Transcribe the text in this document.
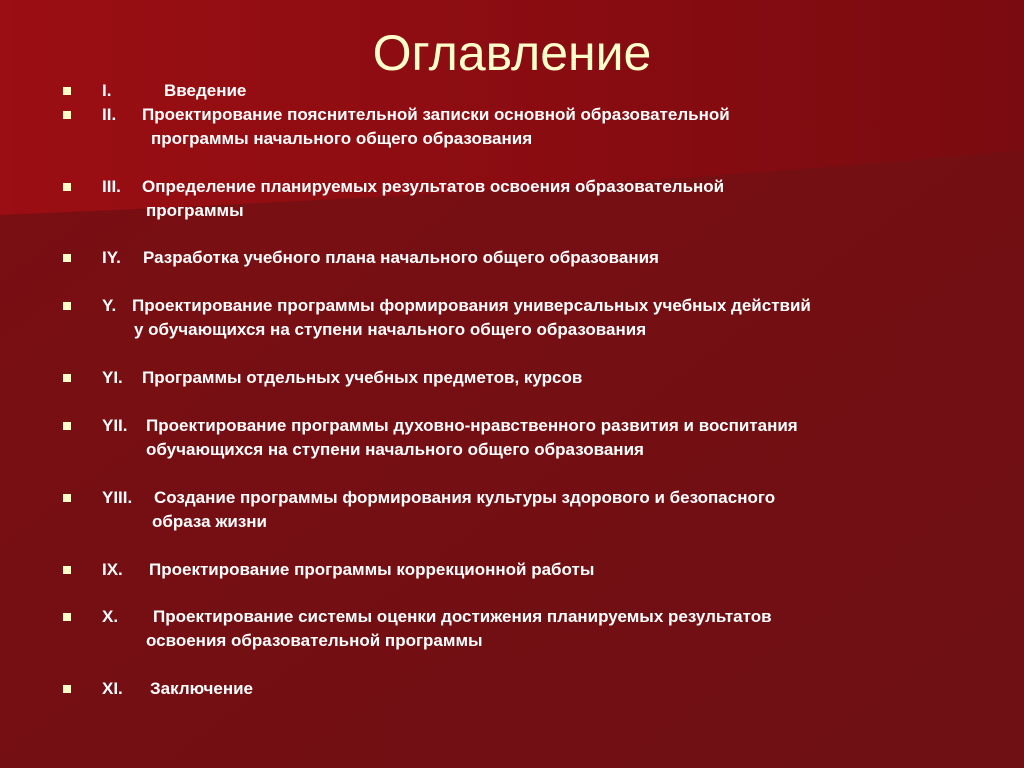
Оглавление

I.

	Введение

II.

Проектирование пояснительной записки основной образовательной

программы начального общего образования

III.

Определение планируемых результатов освоения образовательной

программы

IY.

Разработка учебного плана начального общего образования

Y.

Проектирование программы формирования универсальных учебных действий

у обучающихся на ступени начального общего образования

YI.

Программы отдельных учебных предметов, курсов

YII.

Проектирование программы духовно-нравственного развития и воспитания

обучающихся на ступени начального общего образования

YIII.

Создание программы формирования культуры здорового и безопасного

образа жизни

IX.

Проектирование программы коррекционной работы

X.

Проектирование системы оценки достижения планируемых результатов

освоения образовательной программы

XI.

Заключение
